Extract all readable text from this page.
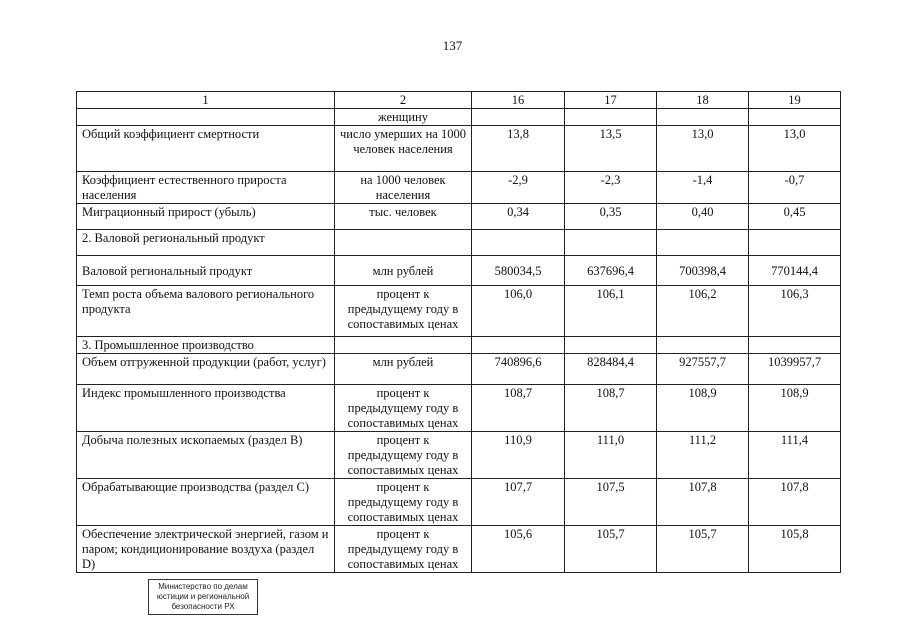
137
1	2	16	17	18	19
	женщину				
Общий коэффициент смертности	число умерших на 1000 человек населения	13,8	13,5	13,0	13,0
Коэффициент естественного прироста населения	на 1000 человек населения	-2,9	-2,3	-1,4	-0,7
Миграционный прирост (убыль)	тыс. человек	0,34	0,35	0,40	0,45
2. Валовой региональный продукт					
Валовой региональный продукт	млн рублей	580034,5	637696,4	700398,4	770144,4
Темп роста объема валового регионального продукта	процент к предыдущему году в сопоставимых ценах	106,0	106,1	106,2	106,3
3. Промышленное производство					
Объем отгруженной продукции (работ, услуг)	млн рублей	740896,6	828484,4	927557,7	1039957,7
Индекс промышленного производства	процент к предыдущему году в сопоставимых ценах	108,7	108,7	108,9	108,9
Добыча полезных ископаемых (раздел B)	процент к предыдущему году в сопоставимых ценах	110,9	111,0	111,2	111,4
Обрабатывающие производства (раздел C)	процент к предыдущему году в сопоставимых ценах	107,7	107,5	107,8	107,8
Обеспечение электрической энергией, газом и паром; кондиционирование воздуха (раздел D)	процент к предыдущему году в сопоставимых ценах	105,6	105,7	105,7	105,8
Министерство по делам
юстиции и региональной
безопасности РХ
